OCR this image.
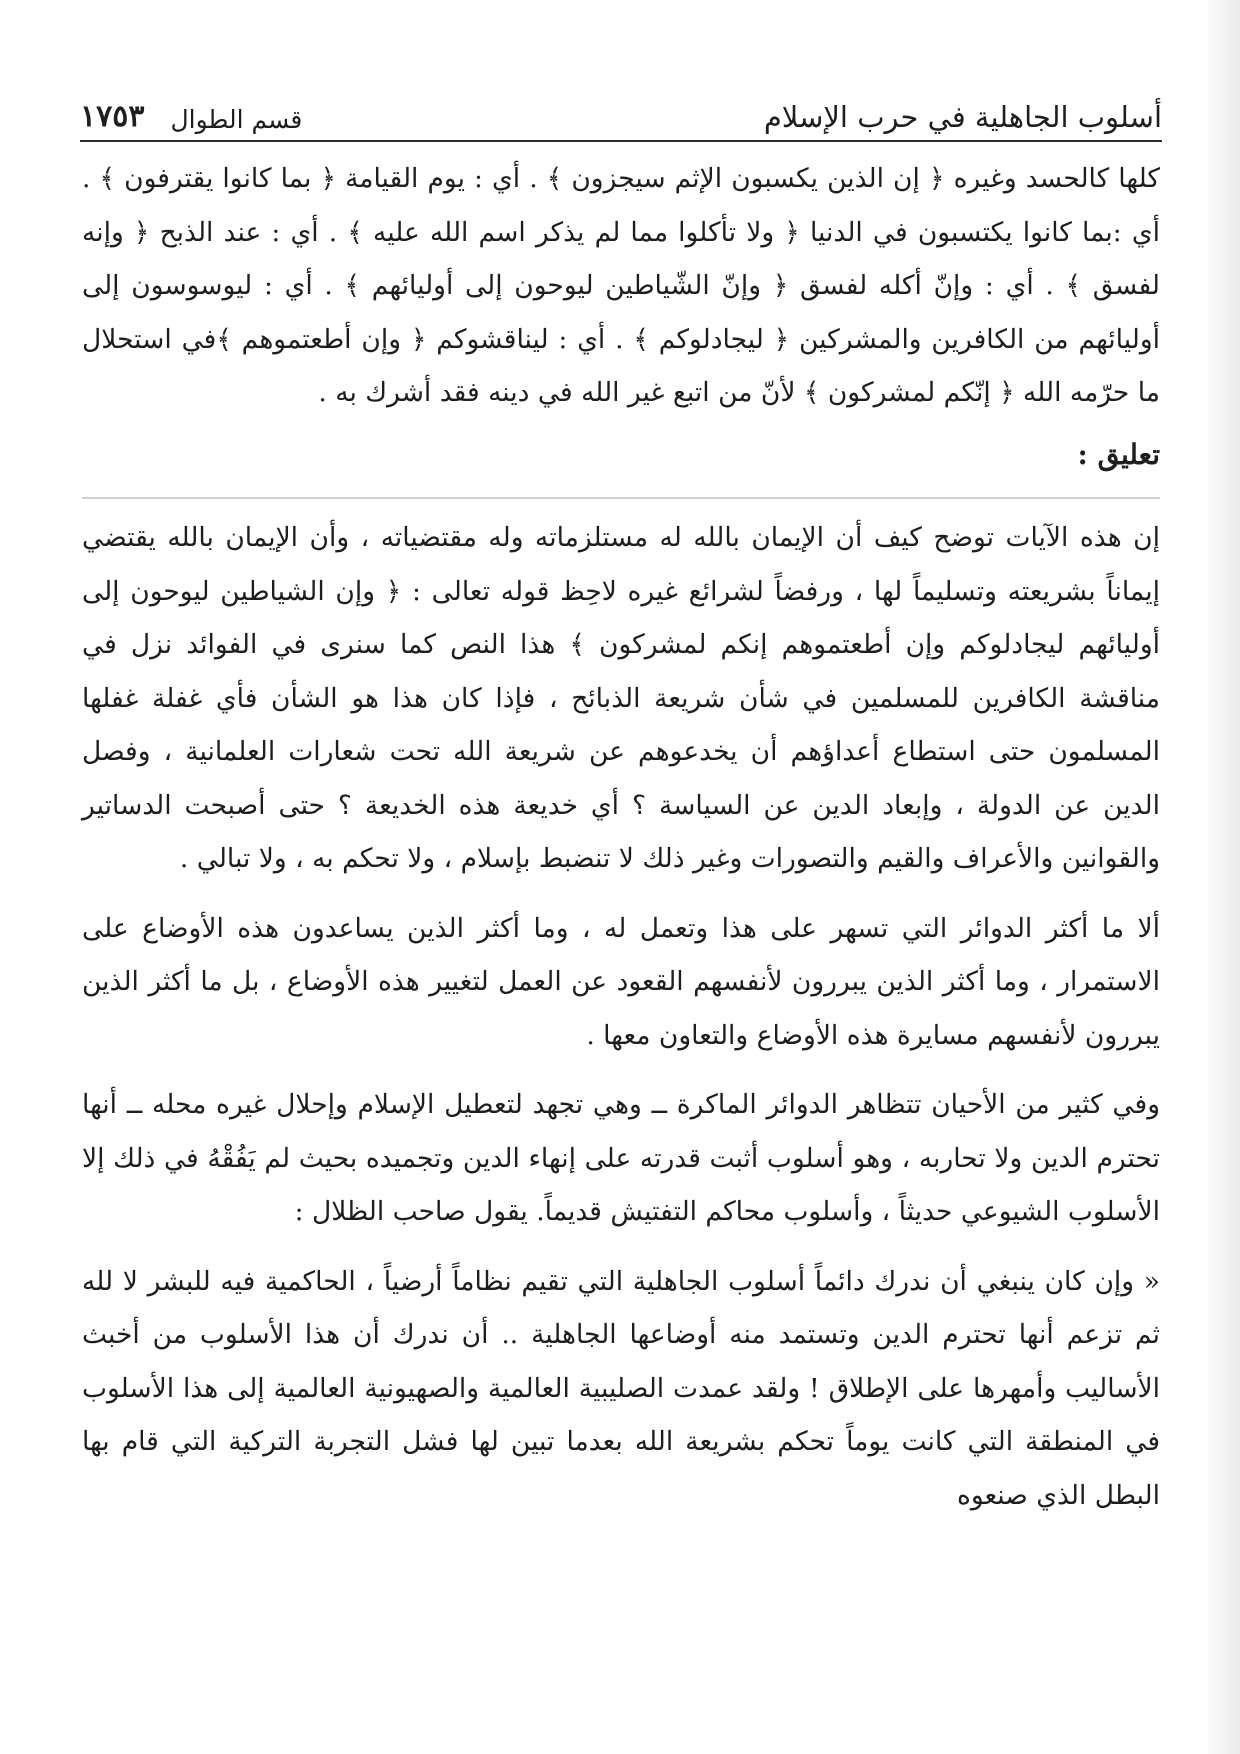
أسلوب الجاهلية في حرب الإسلام
قسم الطوال
١٧٥٣

كلها كالحسد وغيره ﴿ إن الذين يكسبون الإثم سيجزون ﴾ . أي : يوم القيامة ﴿ بما كانوا يقترفون ﴾ . أي :بما كانوا يكتسبون في الدنيا ﴿ ولا تأكلوا مما لم يذكر اسم الله عليه ﴾ . أي : عند الذبح ﴿ وإنه لفسق ﴾ . أي : وإنّ أكله لفسق ﴿ وإنّ الشّياطين ليوحون إلى أوليائهم ﴾ . أي : ليوسوسون إلى أوليائهم من الكافرين والمشركين ﴿ ليجادلوكم ﴾ . أي : ليناقشوكم ﴿ وإن أطعتموهم ﴾في استحلال ما حرّمه الله ﴿ إنّكم لمشركون ﴾ لأنّ من اتبع غير الله في دينه فقد أشرك به .

تعليق :

إن هذه الآيات توضح كيف أن الإيمان بالله له مستلزماته وله مقتضياته ، وأن الإيمان بالله يقتضي إيماناً بشريعته وتسليماً لها ، ورفضاً لشرائع غيره لاحِظ قوله تعالى : ﴿ وإن الشياطين ليوحون إلى أوليائهم ليجادلوكم وإن أطعتموهم إنكم لمشركون ﴾ هذا النص كما سنرى في الفوائد نزل في مناقشة الكافرين للمسلمين في شأن شريعة الذبائح ، فإذا كان هذا هو الشأن فأي غفلة غفلها المسلمون حتى استطاع أعداؤهم أن يخدعوهم عن شريعة الله تحت شعارات العلمانية ، وفصل الدين عن الدولة ، وإبعاد الدين عن السياسة ؟ أي خديعة هذه الخديعة ؟ حتى أصبحت الدساتير والقوانين والأعراف والقيم والتصورات وغير ذلك لا تنضبط بإسلام ، ولا تحكم به ، ولا تبالي .

ألا ما أكثر الدوائر التي تسهر على هذا وتعمل له ، وما أكثر الذين يساعدون هذه الأوضاع على الاستمرار ، وما أكثر الذين يبررون لأنفسهم القعود عن العمل لتغيير هذه الأوضاع ، بل ما أكثر الذين يبررون لأنفسهم مسايرة هذه الأوضاع والتعاون معها .

وفي كثير من الأحيان تتظاهر الدوائر الماكرة ــ وهي تجهد لتعطيل الإسلام وإحلال غيره محله ــ أنها تحترم الدين ولا تحاربه ، وهو أسلوب أثبت قدرته على إنهاء الدين وتجميده بحيث لم يَفُقْهُ في ذلك إلا الأسلوب الشيوعي حديثاً ، وأسلوب محاكم التفتيش قديماً. يقول صاحب الظلال :

« وإن كان ينبغي أن ندرك دائماً أسلوب الجاهلية التي تقيم نظاماً أرضياً ، الحاكمية فيه للبشر لا لله ثم تزعم أنها تحترم الدين وتستمد منه أوضاعها الجاهلية .. أن ندرك أن هذا الأسلوب من أخبث الأساليب وأمهرها على الإطلاق ! ولقد عمدت الصليبية العالمية والصهيونية العالمية إلى هذا الأسلوب في المنطقة التي كانت يوماً تحكم بشريعة الله بعدما تبين لها فشل التجربة التركية التي قام بها البطل الذي صنعوه
